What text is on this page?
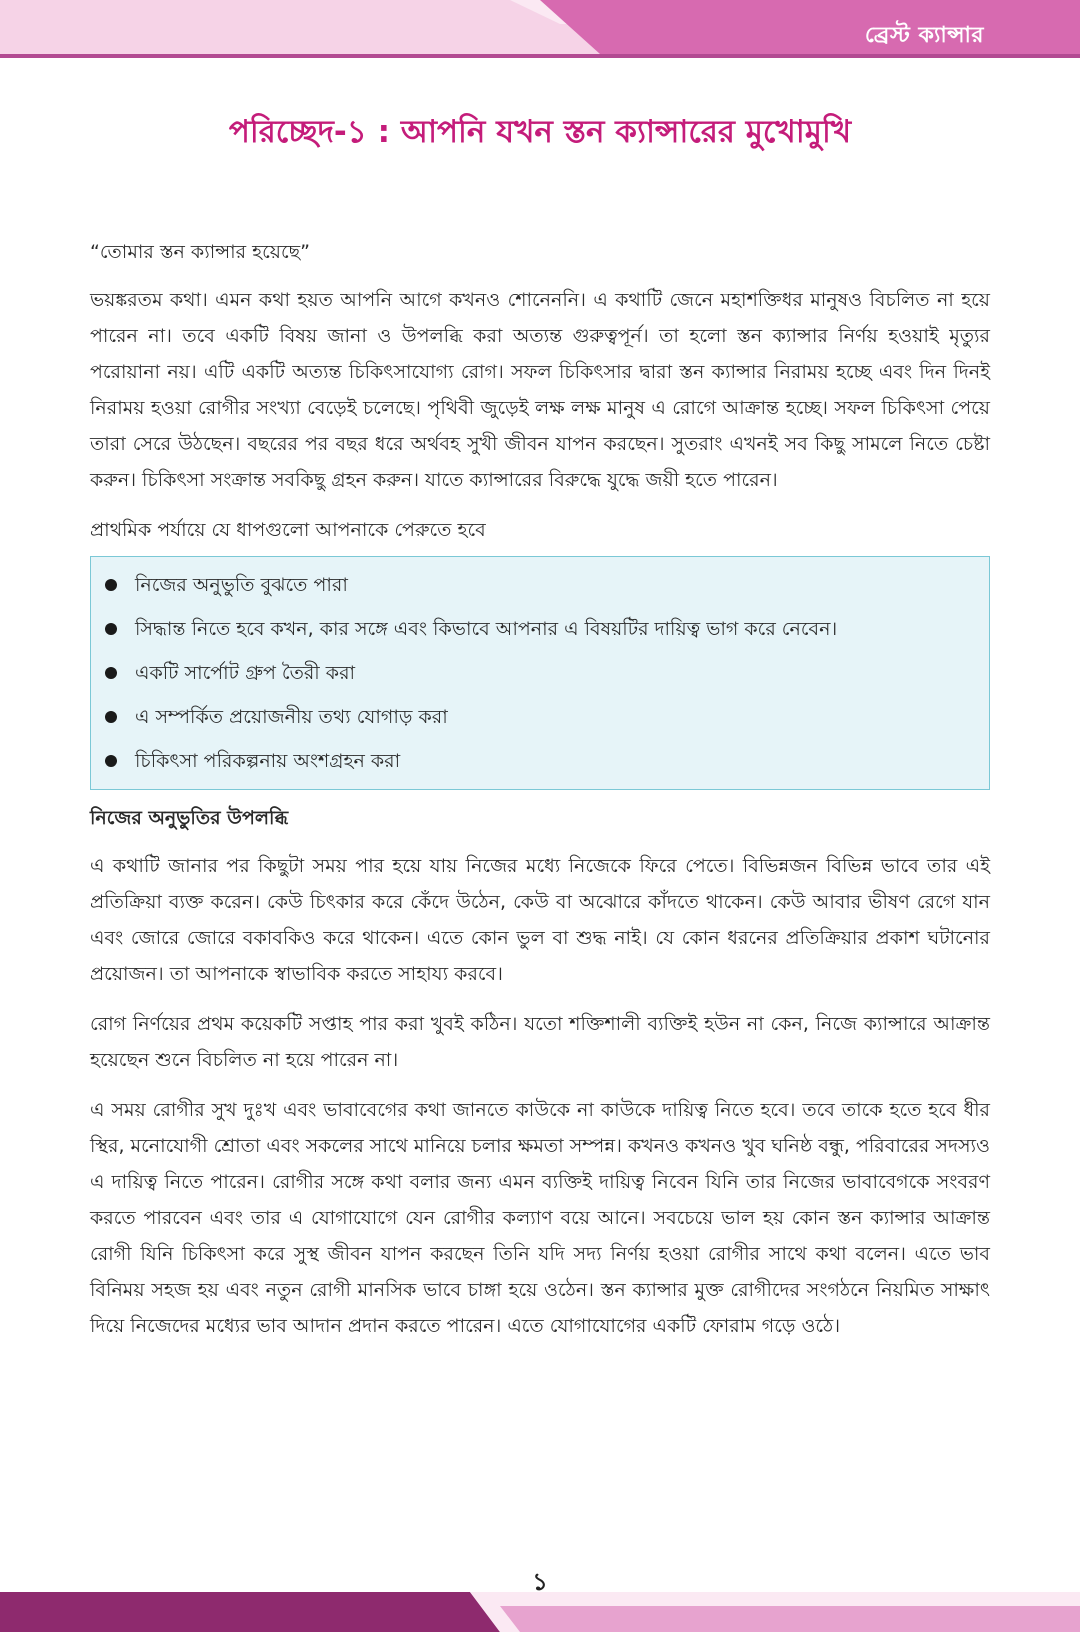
ব্রেস্ট ক্যান্সার
পরিচ্ছেদ-১ : আপনি যখন স্তন ক্যান্সারের মুখোমুখি

“তোমার স্তন ক্যান্সার হয়েছে”

ভয়ঙ্করতম কথা। এমন কথা হয়ত আপনি আগে কখনও শোনেননি। এ কথাটি জেনে মহাশক্তিধর মানুষও বিচলিত না হয়ে পারেন না। তবে একটি বিষয় জানা ও উপলব্ধি করা অত্যন্ত গুরুত্বপূর্ন। তা হলো স্তন ক্যান্সার নির্ণয় হওয়াই মৃত্যুর পরোয়ানা নয়। এটি একটি অত্যন্ত চিকিৎসাযোগ্য রোগ। সফল চিকিৎসার দ্বারা স্তন ক্যান্সার নিরাময় হচ্ছে এবং দিন দিনই নিরাময় হওয়া রোগীর সংখ্যা বেড়েই চলেছে। পৃথিবী জুড়েই লক্ষ লক্ষ মানুষ এ রোগে আক্রান্ত হচ্ছে। সফল চিকিৎসা পেয়ে তারা সেরে উঠছেন। বছরের পর বছর ধরে অর্থবহ সুখী জীবন যাপন করছেন। সুতরাং এখনই সব কিছু সামলে নিতে চেষ্টা করুন। চিকিৎসা সংক্রান্ত সবকিছু গ্রহন করুন। যাতে ক্যান্সারের বিরুদ্ধে যুদ্ধে জয়ী হতে পারেন।

প্রাথমিক পর্যায়ে যে ধাপগুলো আপনাকে পেরুতে হবে

নিজের অনুভুতি বুঝতে পারা
সিদ্ধান্ত নিতে হবে কখন, কার সঙ্গে এবং কিভাবে আপনার এ বিষয়টির দায়িত্ব ভাগ করে নেবেন।
একটি সার্পোট গ্রুপ তৈরী করা
এ সম্পর্কিত প্রয়োজনীয় তথ্য যোগাড় করা
চিকিৎসা পরিকল্পনায় অংশগ্রহন করা
নিজের অনুভুতির উপলব্ধি

এ কথাটি জানার পর কিছুটা সময় পার হয়ে যায় নিজের মধ্যে নিজেকে ফিরে পেতে। বিভিন্নজন বিভিন্ন ভাবে তার এই প্রতিক্রিয়া ব্যক্ত করেন। কেউ চিৎকার করে কেঁদে উঠেন, কেউ বা অঝোরে কাঁদতে থাকেন। কেউ আবার ভীষণ রেগে যান এবং জোরে জোরে বকাবকিও করে থাকেন। এতে কোন ভুল বা শুদ্ধ নাই। যে কোন ধরনের প্রতিক্রিয়ার প্রকাশ ঘটানোর প্রয়োজন। তা আপনাকে স্বাভাবিক করতে সাহায্য করবে।

রোগ নির্ণয়ের প্রথম কয়েকটি সপ্তাহ পার করা খুবই কঠিন। যতো শক্তিশালী ব্যক্তিই হউন না কেন, নিজে ক্যান্সারে আক্রান্ত হয়েছেন শুনে বিচলিত না হয়ে পারেন না।

এ সময় রোগীর সুখ দুঃখ এবং ভাবাবেগের কথা জানতে কাউকে না কাউকে দায়িত্ব নিতে হবে। তবে তাকে হতে হবে ধীর স্থির, মনোযোগী শ্রোতা এবং সকলের সাথে মানিয়ে চলার ক্ষমতা সম্পন্ন। কখনও কখনও খুব ঘনিষ্ঠ বন্ধু, পরিবারের সদস্যও এ দায়িত্ব নিতে পারেন। রোগীর সঙ্গে কথা বলার জন্য এমন ব্যক্তিই দায়িত্ব নিবেন যিনি তার নিজের ভাবাবেগকে সংবরণ করতে পারবেন এবং তার এ যোগাযোগে যেন রোগীর কল্যাণ বয়ে আনে। সবচেয়ে ভাল হয় কোন স্তন ক্যান্সার আক্রান্ত রোগী যিনি চিকিৎসা করে সুস্থ জীবন যাপন করছেন তিনি যদি সদ্য নির্ণয় হওয়া রোগীর সাথে কথা বলেন। এতে ভাব বিনিময় সহজ হয় এবং নতুন রোগী মানসিক ভাবে চাঙ্গা হয়ে ওঠেন। স্তন ক্যান্সার মুক্ত রোগীদের সংগঠনে নিয়মিত সাক্ষাৎ দিয়ে নিজেদের মধ্যের ভাব আদান প্রদান করতে পারেন। এতে যোগাযোগের একটি ফোরাম গড়ে ওঠে।

১
